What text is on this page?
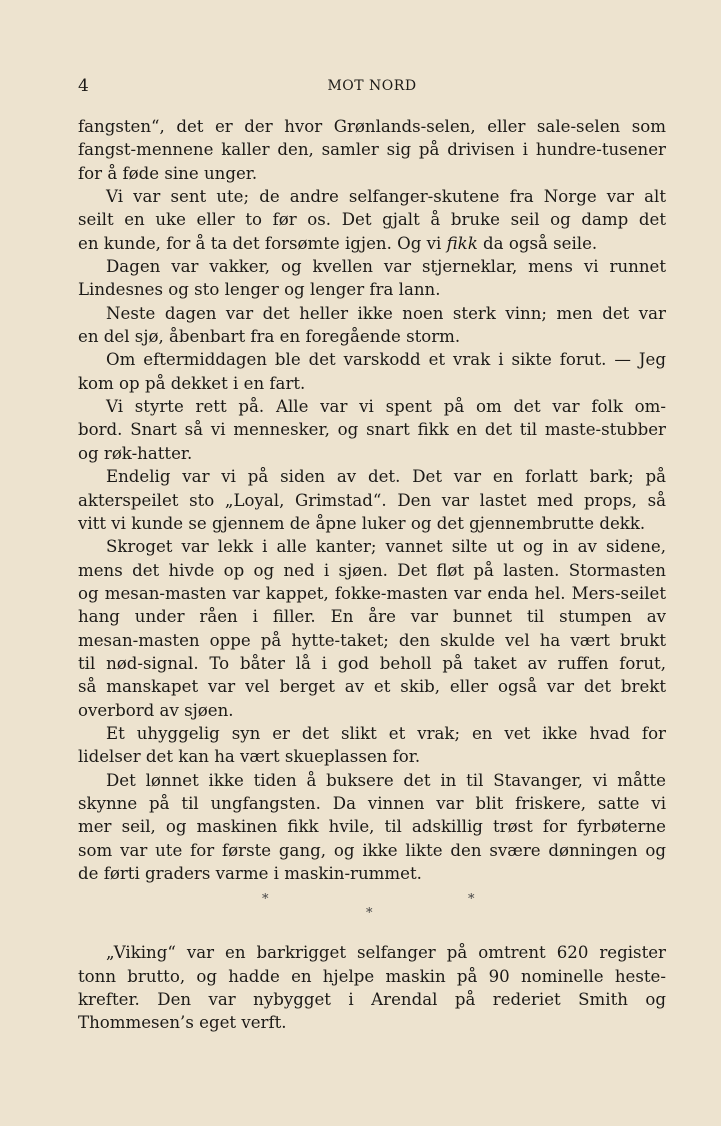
4	MOT NORD

fangsten“, det er der hvor Grønlands-selen, eller sale-selen som
fangst-mennene kaller den, samler sig på drivisen i hundre-tusener
for å føde sine unger.

Vi var sent ute; de andre selfanger-skutene fra Norge var alt
seilt en uke eller to før os. Det gjalt å bruke seil og damp det
en kunde, for å ta det forsømte igjen. Og vi fikk da også seile.

Dagen var vakker, og kvellen var stjerneklar, mens vi runnet
Lindesnes og sto lenger og lenger fra lann.

Neste dagen var det heller ikke noen sterk vinn; men det var
en del sjø, åbenbart fra en foregående storm.

Om eftermiddagen ble det varskodd et vrak i sikte forut. — Jeg
kom op på dekket i en fart.

Vi styrte rett på. Alle var vi spent på om det var folk om-
bord. Snart så vi mennesker, og snart fikk en det til maste-stubber
og røk-hatter.

Endelig var vi på siden av det. Det var en forlatt bark; på
akterspeilet sto „Loyal, Grimstad“. Den var lastet med props, så
vitt vi kunde se gjennem de åpne luker og det gjennembrutte dekk.

Skroget var lekk i alle kanter; vannet silte ut og in av sidene,
mens det hivde op og ned i sjøen. Det fløt på lasten. Stormasten
og mesan-masten var kappet, fokke-masten var enda hel. Mers-seilet
hang under råen i filler. En åre var bunnet til stumpen av
mesan-masten oppe på hytte-taket; den skulde vel ha vært brukt
til nød-signal. To båter lå i god beholl på taket av ruffen forut,
så manskapet var vel berget av et skib, eller også var det brekt
overbord av sjøen.

Et uhyggelig syn er det slikt et vrak; en vet ikke hvad for
lidelser det kan ha vært skueplassen for.

Det lønnet ikke tiden å buksere det in til Stavanger, vi måtte
skynne på til ungfangsten. Da vinnen var blit friskere, satte vi
mer seil, og maskinen fikk hvile, til adskillig trøst for fyrbøterne
som var ute for første gang, og ikke likte den svære dønningen og
de førti graders varme i maskin-rummet.

*
*
*

„Viking“ var en barkrigget selfanger på omtrent 620 register
tonn brutto, og hadde en hjelpe maskin på 90 nominelle heste-
krefter. Den var nybygget i Arendal på rederiet Smith og
Thommesen’s eget verft.
